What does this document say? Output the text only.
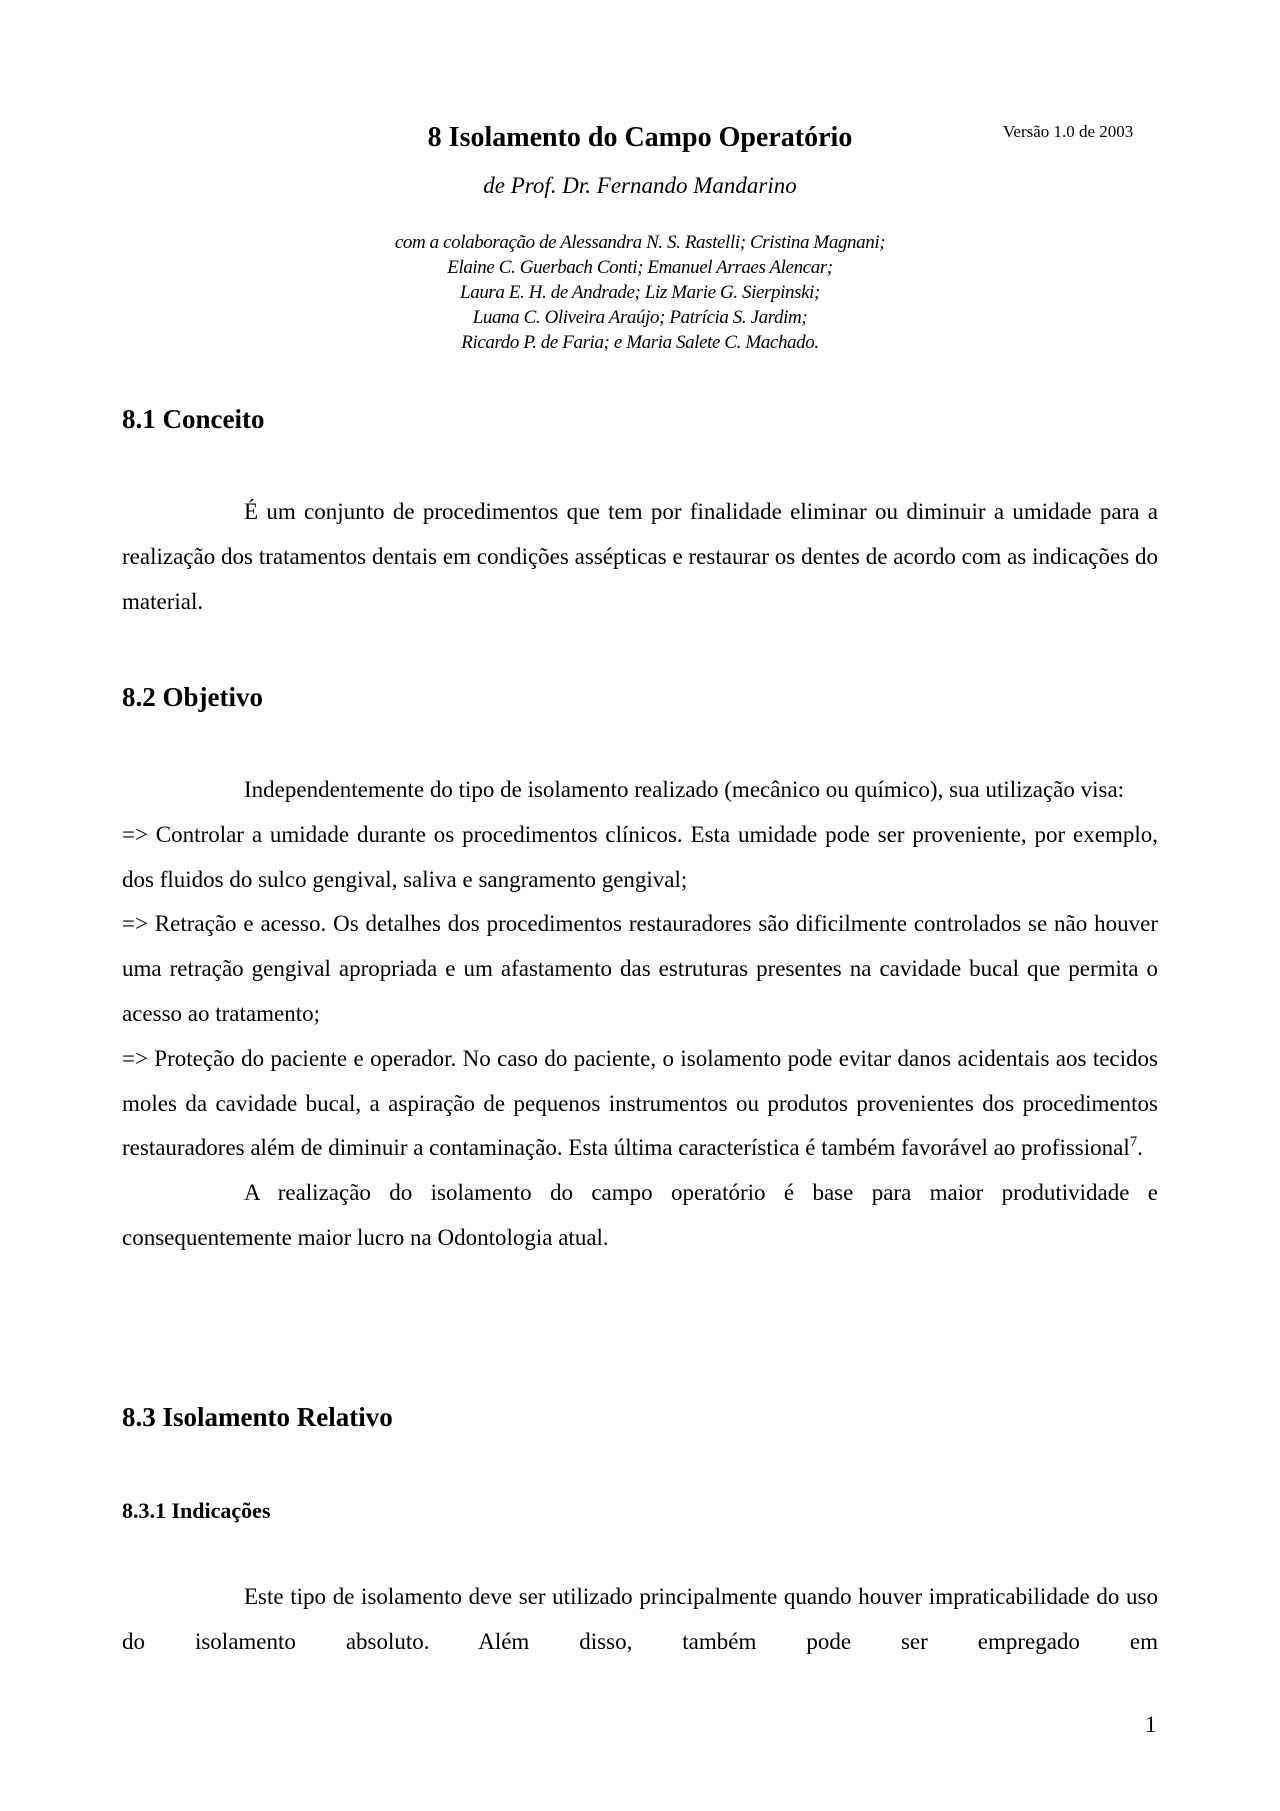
Versão 1.0 de 2003
8 Isolamento do Campo Operatório
de Prof. Dr. Fernando Mandarino
com a colaboração de Alessandra N. S. Rastelli; Cristina Magnani;
Elaine C. Guerbach Conti; Emanuel Arraes Alencar;
Laura E. H. de Andrade; Liz Marie G. Sierpinski;
Luana C. Oliveira Araújo; Patrícia S. Jardim;
Ricardo P. de Faria; e Maria Salete C. Machado.
8.1 Conceito

É um conjunto de procedimentos que tem por finalidade eliminar ou diminuir a umidade para a realização dos tratamentos dentais em condições assépticas e restaurar os dentes de acordo com as indicações do material.

8.2 Objetivo

Independentemente do tipo de isolamento realizado (mecânico ou químico), sua utilização visa:

=> Controlar a umidade durante os procedimentos clínicos. Esta umidade pode ser proveniente, por exemplo, dos fluidos do sulco gengival, saliva e sangramento gengival;

=> Retração e acesso. Os detalhes dos procedimentos restauradores são dificilmente controlados se não houver uma retração gengival apropriada e um afastamento das estruturas presentes na cavidade bucal que permita o acesso ao tratamento;

=> Proteção do paciente e operador. No caso do paciente, o isolamento pode evitar danos acidentais aos tecidos moles da cavidade bucal, a aspiração de pequenos instrumentos ou produtos provenientes dos procedimentos restauradores além de diminuir a contaminação. Esta última característica é também favorável ao profissional$^7$.

A realização do isolamento do campo operatório é base para maior produtividade e consequentemente maior lucro na Odontologia atual.

8.3 Isolamento Relativo
8.3.1 Indicações

Este tipo de isolamento deve ser utilizado principalmente quando houver impraticabilidade do uso do isolamento absoluto. Além disso, também pode ser empregado em

1
